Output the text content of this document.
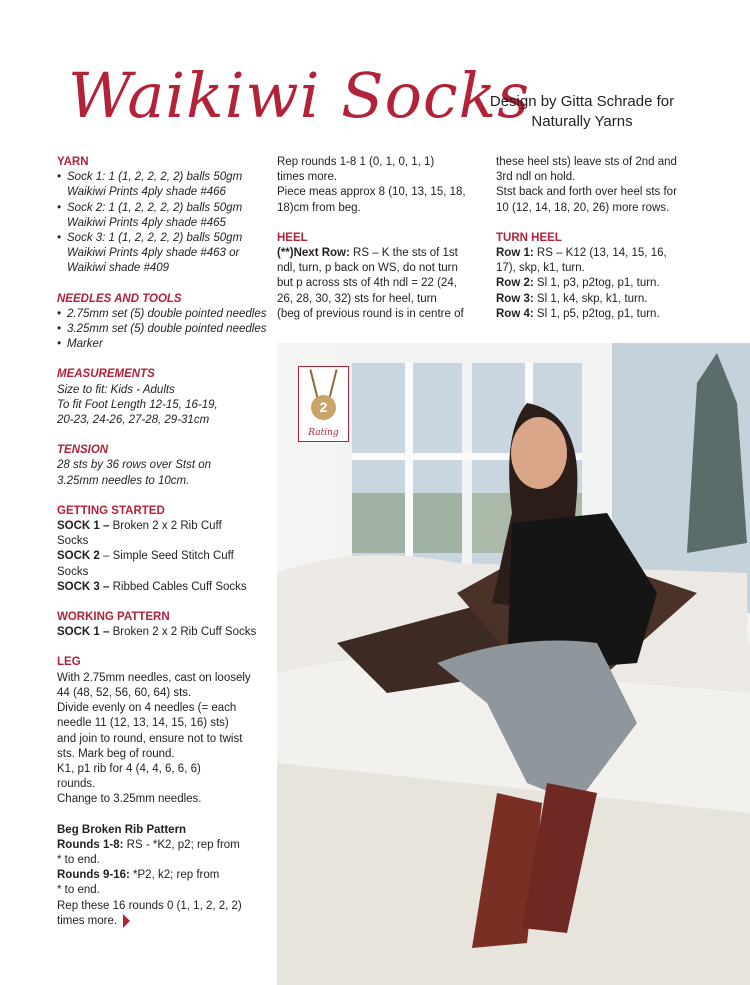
Waikiwi Socks
Design by Gitta Schrade for
Naturally Yarns
YARN
• Sock 1: 1 (1, 2, 2, 2, 2) balls 50gm
Waikiwi Prints 4ply shade #466
• Sock 2: 1 (1, 2, 2, 2, 2) balls 50gm
Waikiwi Prints 4ply shade #465
• Sock 3: 1 (1, 2, 2, 2, 2) balls 50gm
Waikiwi Prints 4ply shade #463 or
Waikiwi shade #409
NEEDLES AND TOOLS
• 2.75mm set (5) double pointed needles
• 3.25mm set (5) double pointed needles
• Marker
MEASUREMENTS

Size to fit: Kids - Adults

To fit Foot Length 12-15, 16-19,

20-23, 24-26, 27-28, 29-31cm

TENSION

28 sts by 36 rows over Stst on

3.25mm needles to 10cm.

GETTING STARTED

SOCK 1 – Broken 2 x 2 Rib Cuff

Socks

SOCK 2 – Simple Seed Stitch Cuff

Socks

SOCK 3 – Ribbed Cables Cuff Socks

WORKING PATTERN

SOCK 1 – Broken 2 x 2 Rib Cuff Socks

LEG

With 2.75mm needles, cast on loosely

44 (48, 52, 56, 60, 64) sts.

Divide evenly on 4 needles (= each

needle 11 (12, 13, 14, 15, 16) sts)

and join to round, ensure not to twist

sts. Mark beg of round.

K1, p1 rib for 4 (4, 4, 6, 6, 6)

rounds.

Change to 3.25mm needles.

Beg Broken Rib Pattern

Rounds 1-8: RS - *K2, p2; rep from

* to end.

Rounds 9-16: *P2, k2; rep from

* to end.

Rep these 16 rounds 0 (1, 1, 2, 2, 2)

times more.

Rep rounds 1-8 1 (0, 1, 0, 1, 1)

times more.

Piece meas approx 8 (10, 13, 15, 18,

18)cm from beg.

HEEL

(**)Next Row: RS – K the sts of 1st

ndl, turn, p back on WS, do not turn

but p across sts of 4th ndl = 22 (24,

26, 28, 30, 32) sts for heel, turn

(beg of previous round is in centre of

these heel sts) leave sts of 2nd and

3rd ndl on hold.

Stst back and forth over heel sts for

10 (12, 14, 18, 20, 26) more rows.

TURN HEEL

Row 1: RS – K12 (13, 14, 15, 16,

17), skp, k1, turn.

Row 2: Sl 1, p3, p2tog, p1, turn.

Row 3: Sl 1, k4, skp, k1, turn.

Row 4: Sl 1, p5, p2tog, p1, turn.

2
Rating
